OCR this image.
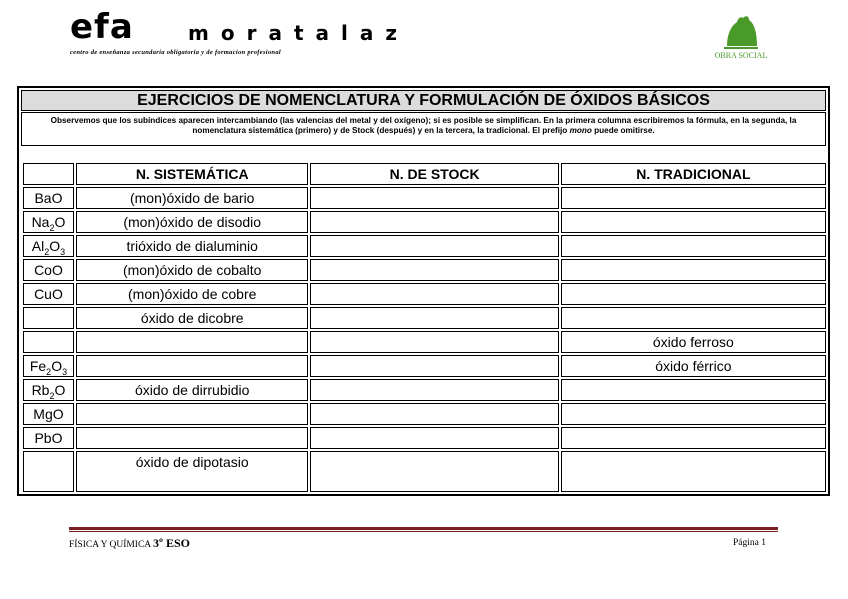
efa	moratalaz
centro de enseñanza secundaria obligatoria y de formacion profesional	OBRA SOCIAL
EJERCICIOS DE NOMENCLATURA Y FORMULACIÓN DE ÓXIDOS BÁSICOS
Observemos que los subíndices aparecen intercambiando (las valencias del metal y del oxígeno); si es posible se simplifican. En la primera columna escribiremos la fórmula, en la segunda, la nomenclatura sistemática (primero) y de Stock (después) y en la tercera, la tradicional. El prefijo mono puede omitirse.
	N. SISTEMÁTICA	N. DE STOCK	N. TRADICIONAL
BaO	(mon)óxido de bario		
$Na_2O$	(mon)óxido de disodio		
$Al_2O_3$	trióxido de dialuminio		
CoO	(mon)óxido de cobalto		
CuO	(mon)óxido de cobre		
	óxido de dicobre		
			óxido ferroso
$Fe_2O_3$			óxido férrico
$Rb_2O$	óxido de dirrubidio		
MgO			
PbO			
	óxido de dipotasio		
FÍSICA Y QUÍMICA 3º ESO	Página 1
